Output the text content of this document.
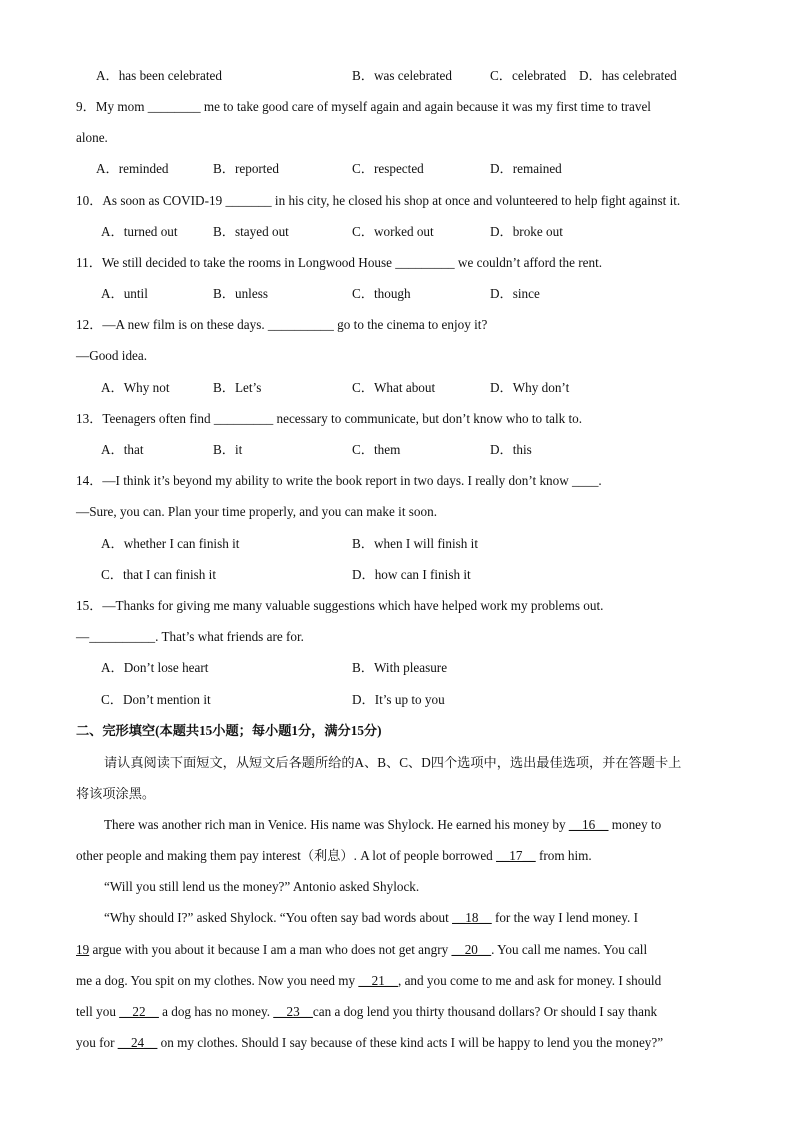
A．has been celebrated	B．was celebrated	C．celebrated D．has celebrated
9．My mom ________ me to take good care of myself again and again because it was my first time to travel
alone.
A．reminded	B．reported	C．respected	D．remained
10．As soon as COVID-19 _______ in his city, he closed his shop at once and volunteered to help fight against it.
A．turned out	B．stayed out	C．worked out	D．broke out
11．We still decided to take the rooms in Longwood House _________ we couldn’t afford the rent.
A．until	B．unless	C．though	D．since
12．—A new film is on these days. __________ go to the cinema to enjoy it?
—Good idea.
A．Why not	B．Let’s	C．What about	D．Why don’t
13．Teenagers often find _________ necessary to communicate, but don’t know who to talk to.
A．that	B．it	C．them	D．this
14．—I think it’s beyond my ability to write the book report in two days. I really don’t know ____.
—Sure, you can. Plan your time properly, and you can make it soon.
A．whether I can finish it	B．when I will finish it
C．that I can finish it	D．how can I finish it
15．—Thanks for giving me many valuable suggestions which have helped work my problems out.
—__________. That’s what friends are for.
A．Don’t lose heart	B．With pleasure
C．Don’t mention it	D．It’s up to you
二、完形填空(本题共15小题；每小题1分，满分15分)
请认真阅读下面短文，从短文后各题所给的A、B、C、D四个选项中，选出最佳选项，并在答题卡上
将该项涂黑。
There was another rich man in Venice. His name was Shylock. He earned his money by __16__ money to
other people and making them pay interest（利息）. A lot of people borrowed __17__ from him.
“Will you still lend us the money?” Antonio asked Shylock.
“Why should I?” asked Shylock. “You often say bad words about __18__ for the way I lend money. I
19 argue with you about it because I am a man who does not get angry __20__. You call me names. You call
me a dog. You spit on my clothes. Now you need my __21__, and you come to me and ask for money. I should
tell you __22__ a dog has no money. __23__can a dog lend you thirty thousand dollars? Or should I say thank
you for __24__ on my clothes. Should I say because of these kind acts I will be happy to lend you the money?”
